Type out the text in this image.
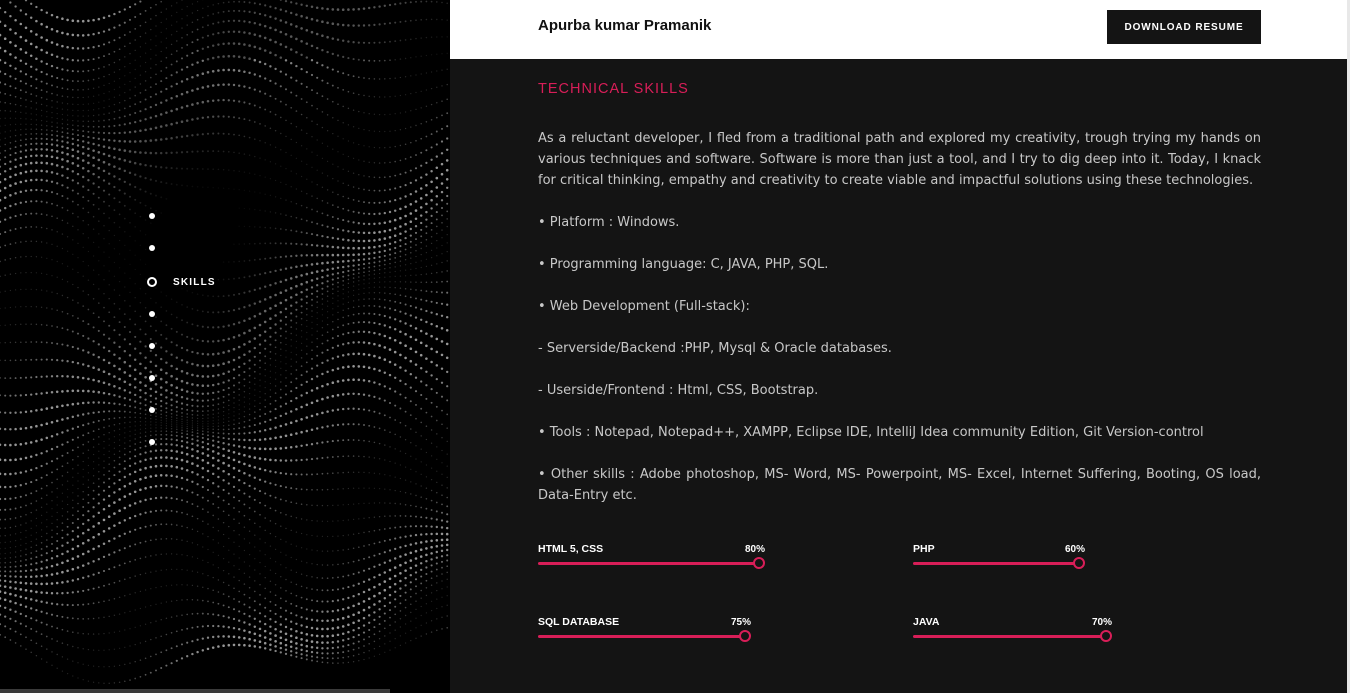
SKILLS
Apurba kumar Pramanik	DOWNLOAD RESUME
TECHNICAL SKILLS

As a reluctant developer, I fled from a traditional path and explored my creativity, trough trying my hands on various techniques and software. Software is more than just a tool, and I try to dig deep into it. Today, I knack for critical thinking, empathy and creativity to create viable and impactful solutions using these technologies.

• Platform : Windows.

• Programming language: C, JAVA, PHP, SQL.

• Web Development (Full-stack):

- Serverside/Backend :PHP, Mysql & Oracle databases.

- Userside/Frontend : Html, CSS, Bootstrap.

• Tools : Notepad, Notepad++, XAMPP, Eclipse IDE, IntelliJ Idea community Edition, Git Version-control

• Other skills : Adobe photoshop, MS- Word, MS- Powerpoint, MS- Excel, Internet Suffering, Booting, OS load, Data-Entry etc.

HTML 5, CSS	80%	PHP	60%
SQL DATABASE	75%	JAVA	70%
